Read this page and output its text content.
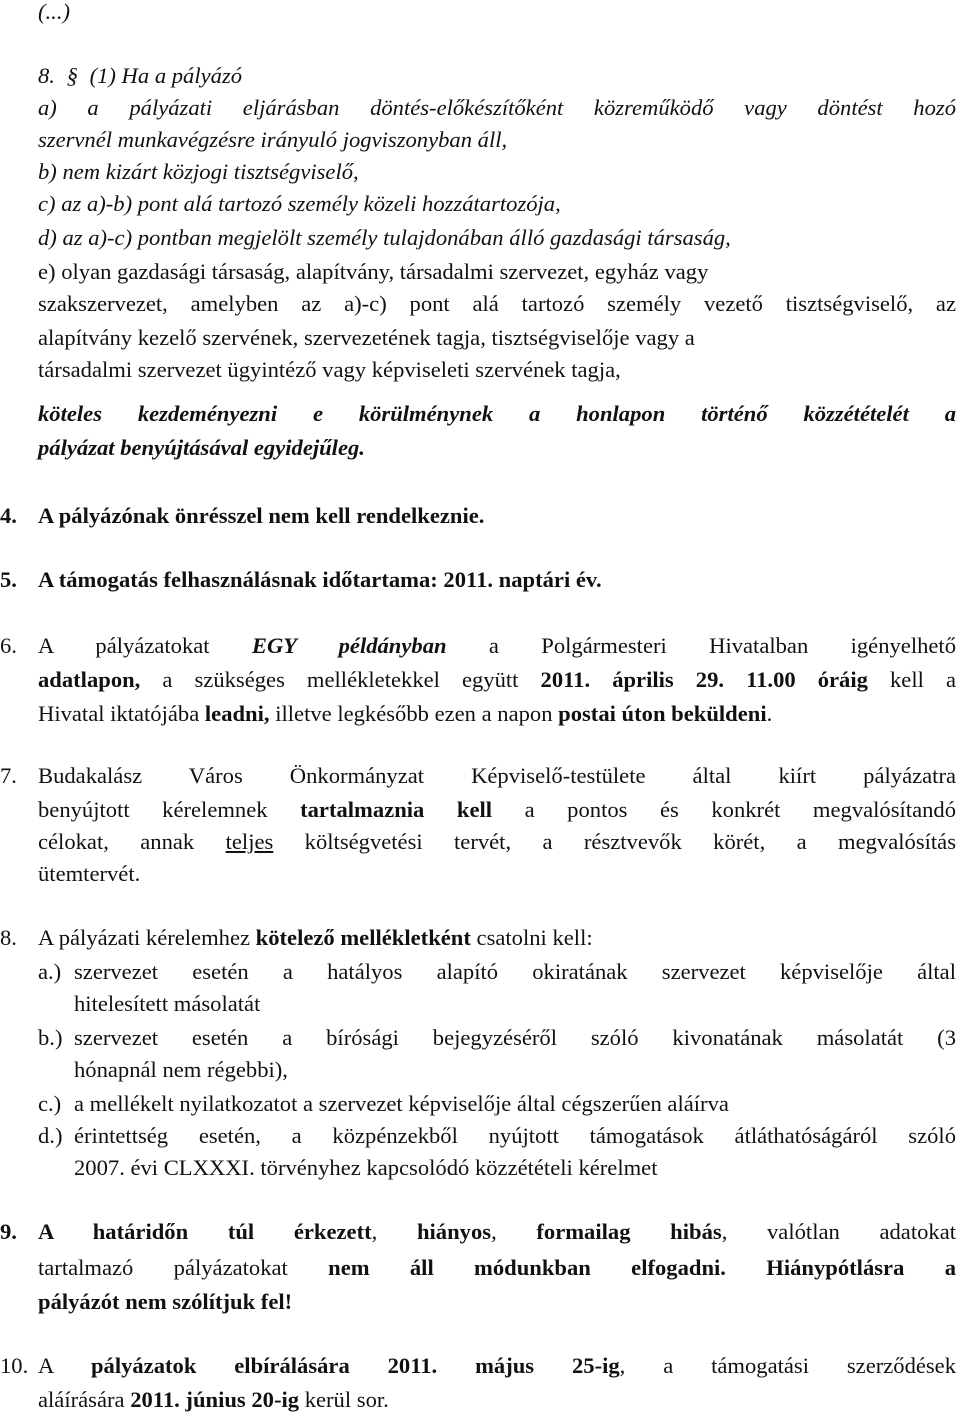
(...)
8. § (1) Ha a pályázó
a) a pályázati eljárásban döntés-előkészítőként közreműködő vagy döntést hozó
szervnél munkavégzésre irányuló jogviszonyban áll,
b) nem kizárt közjogi tisztségviselő,
c) az a)-b) pont alá tartozó személy közeli hozzátartozója,
d) az a)-c) pontban megjelölt személy tulajdonában álló gazdasági társaság,
e) olyan gazdasági társaság, alapítvány, társadalmi szervezet, egyház vagy
szakszervezet, amelyben az a)-c) pont alá tartozó személy vezető tisztségviselő, az
alapítvány kezelő szervének, szervezetének tagja, tisztségviselője vagy a
társadalmi szervezet ügyintéző vagy képviseleti szervének tagja,
köteles kezdeményezni e körülménynek a honlapon történő közzétételét a
pályázat benyújtásával egyidejűleg.
4. A pályázónak önrésszel nem kell rendelkeznie.
5. A támogatás felhasználásnak időtartama: 2011. naptári év.
6. A pályázatokat EGY példányban a Polgármesteri Hivatalban igényelhető
adatlapon, a szükséges mellékletekkel együtt 2011. április 29. 11.00 óráig kell a
Hivatal iktatójába leadni, illetve legkésőbb ezen a napon postai úton beküldeni.
7. Budakalász Város Önkormányzat Képviselő-testülete által kiírt pályázatra
benyújtott kérelemnek tartalmaznia kell a pontos és konkrét megvalósítandó
célokat, annak teljes költségvetési tervét, a résztvevők körét, a megvalósítás
ütemtervét.
8. A pályázati kérelemhez kötelező mellékletként csatolni kell:
a.) szervezet esetén a hatályos alapító okiratának szervezet képviselője által
hitelesített másolatát
b.) szervezet esetén a bírósági bejegyzéséről szóló kivonatának másolatát (3
hónapnál nem régebbi),
c.) a mellékelt nyilatkozatot a szervezet képviselője által cégszerűen aláírva
d.) érintettség esetén, a közpénzekből nyújtott támogatások átláthatóságáról szóló
2007. évi CLXXXI. törvényhez kapcsolódó közzétételi kérelmet
9. A határidőn túl érkezett, hiányos, formailag hibás, valótlan adatokat
tartalmazó pályázatokat nem áll módunkban elfogadni. Hiánypótlásra a
pályázót nem szólítjuk fel!
10. A pályázatok elbírálására 2011. május 25-ig, a támogatási szerződések
aláírására 2011. június 20-ig kerül sor.
